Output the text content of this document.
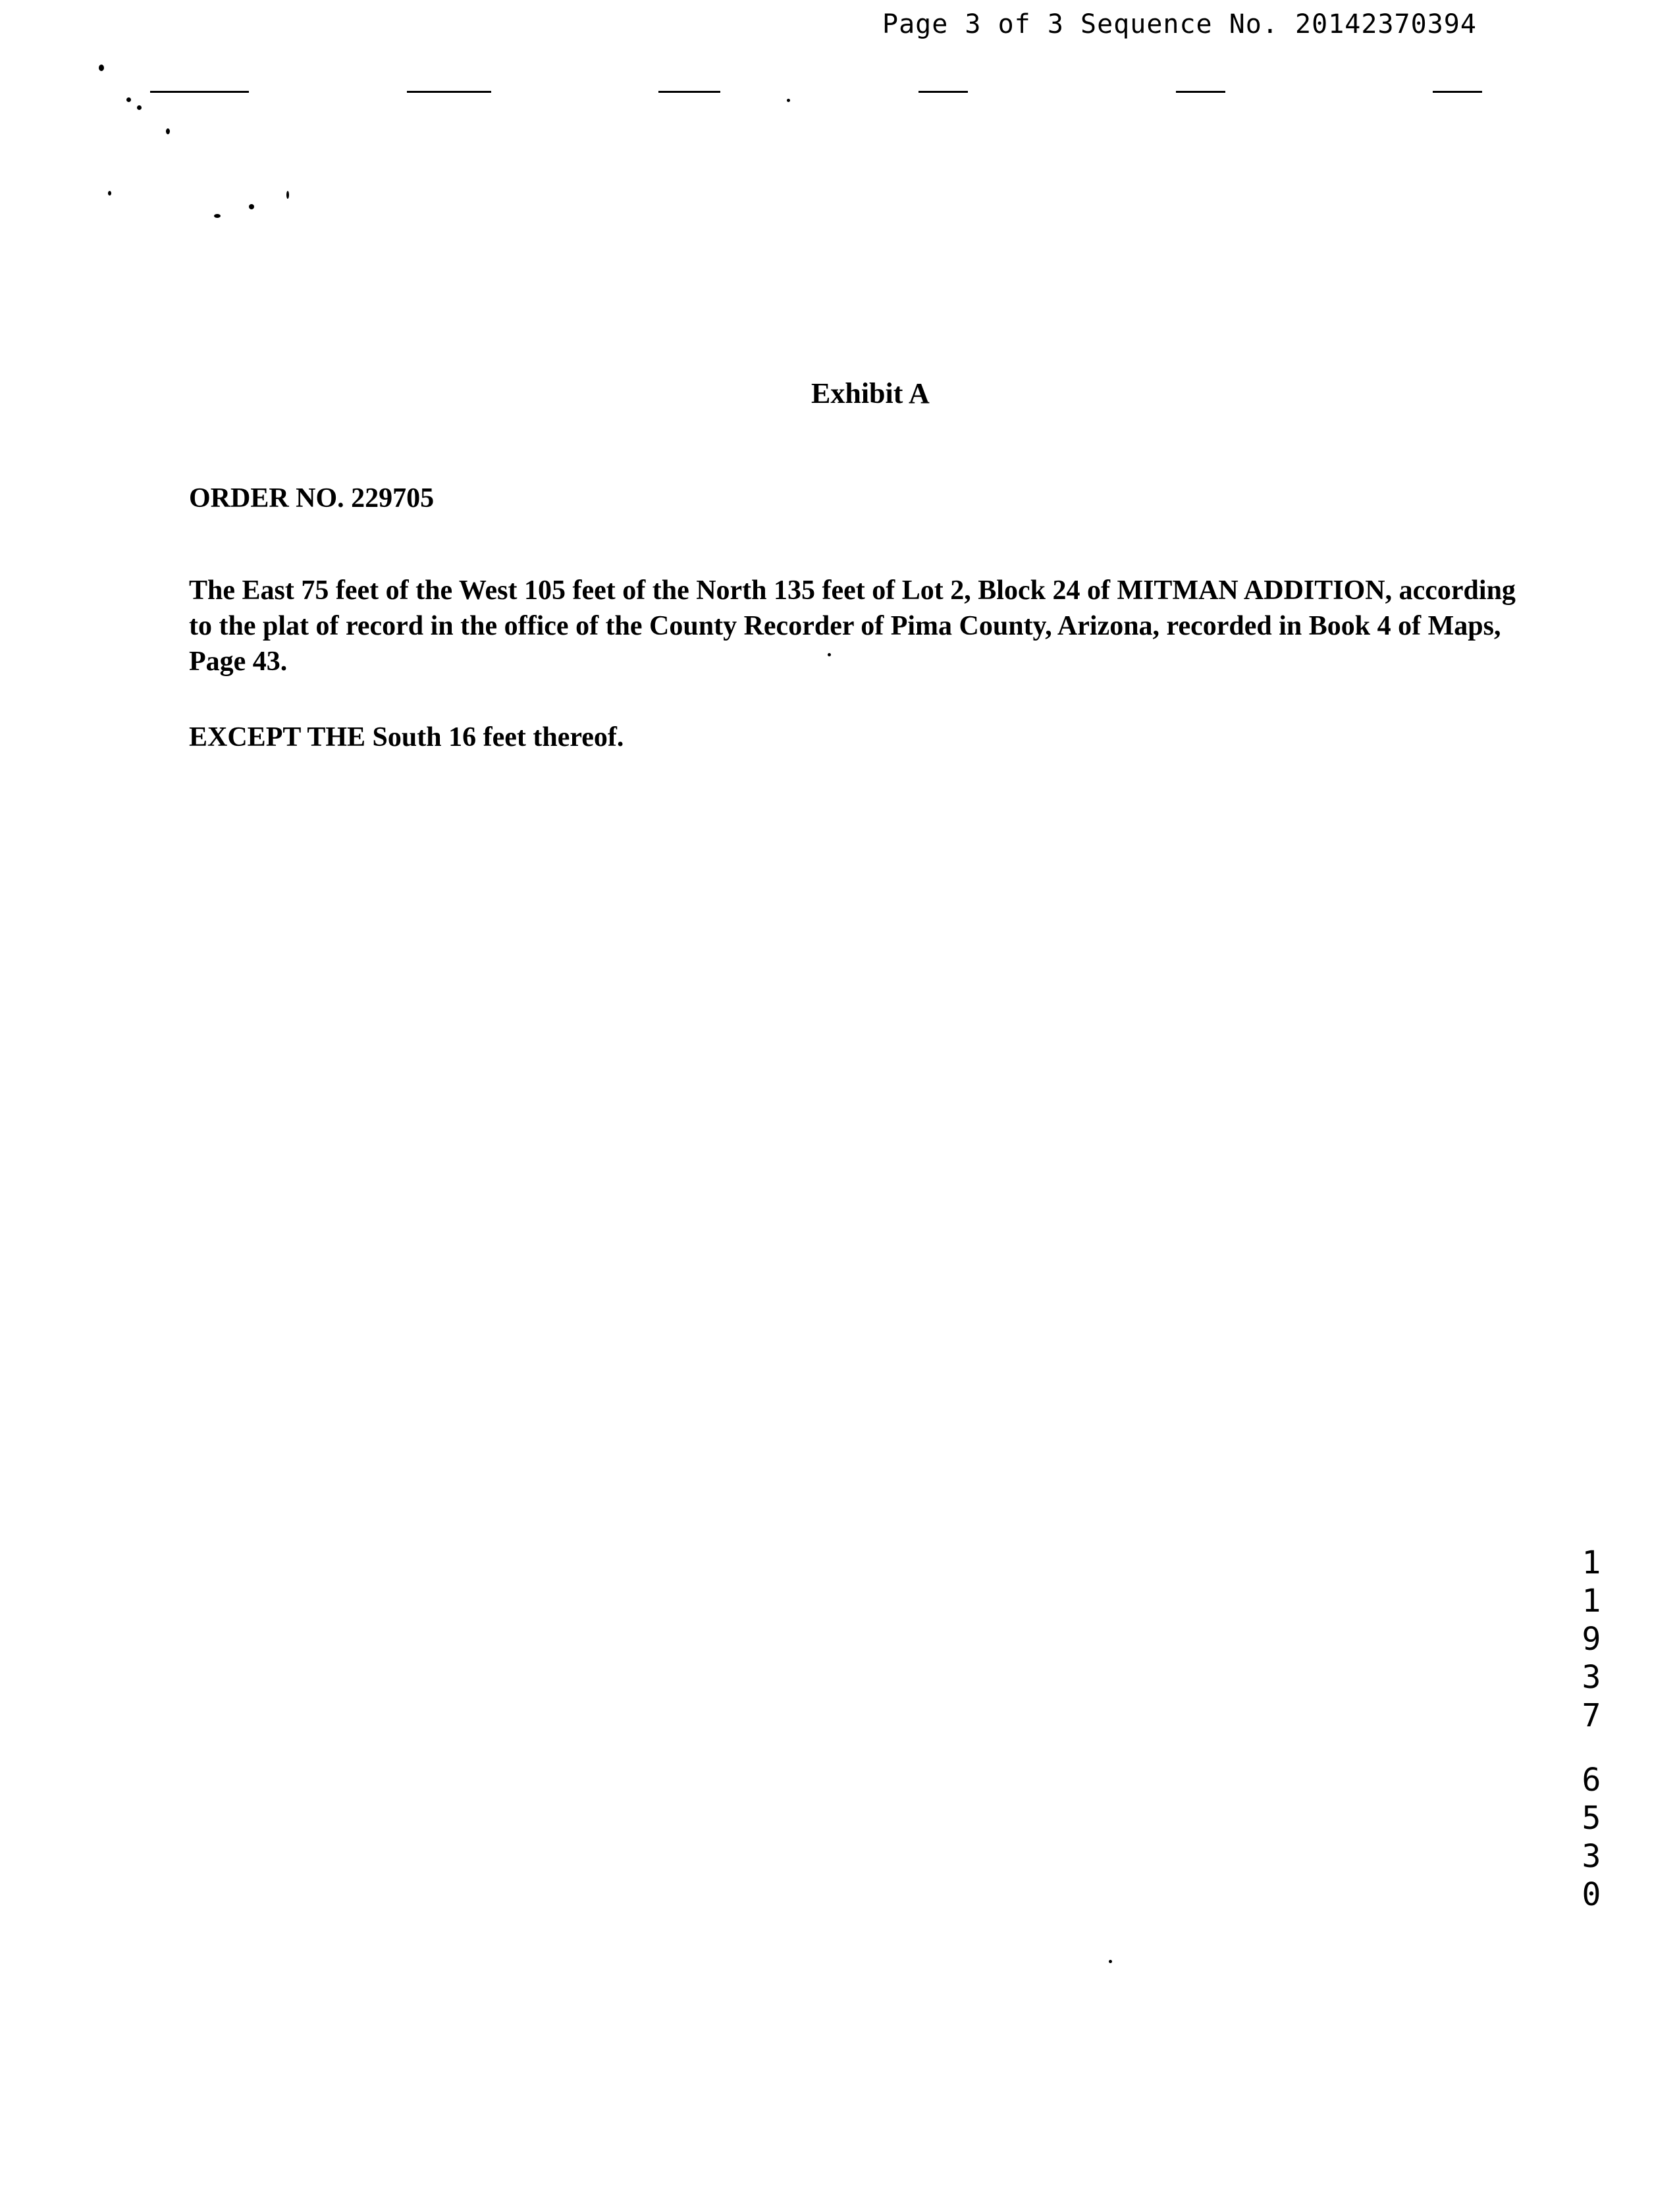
Page 3 of 3 Sequence No. 20142370394
Exhibit A
ORDER NO. 229705

The East 75 feet of the West 105 feet of the North 135 feet of Lot 2, Block 24 of MITMAN ADDITION, according
to the plat of record in the office of the County Recorder of Pima County, Arizona, recorded in Book 4 of Maps,
Page 43.

EXCEPT THE South 16 feet thereof.
1
1
9
3
7
6
5
3
0
